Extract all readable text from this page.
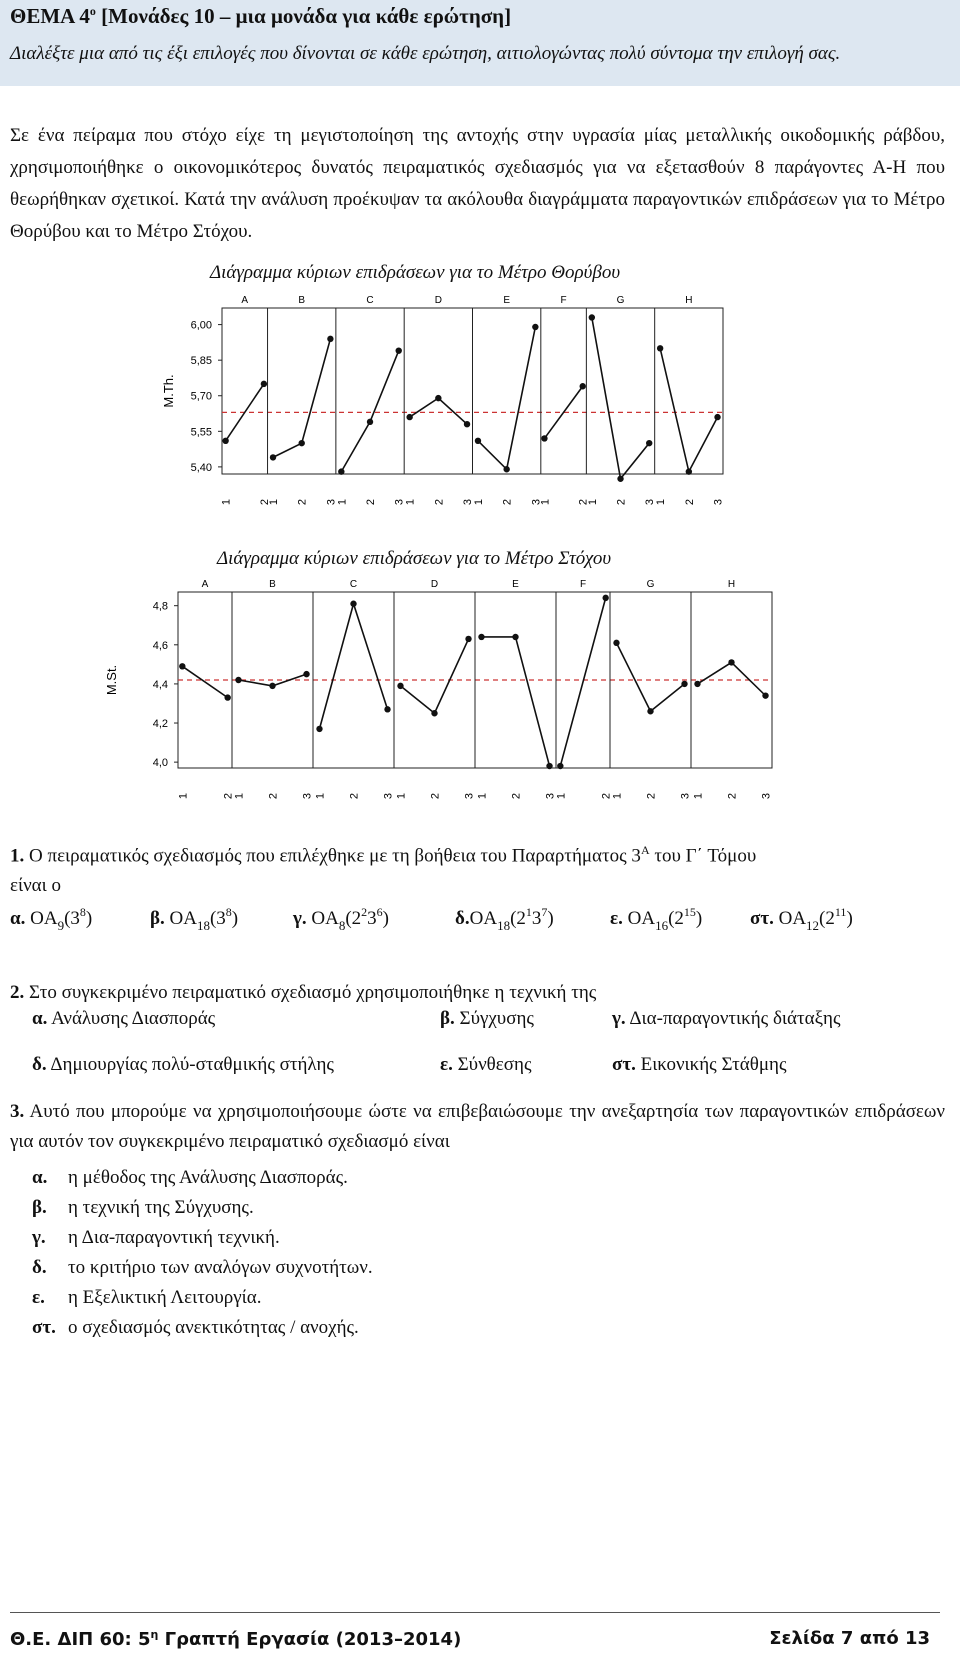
ΘΕΜΑ $4^o$ [Μονάδες 10 – μια μονάδα για κάθε ερώτηση]
Διαλέξτε μια από τις έξι επιλογές που δίνονται σε κάθε ερώτηση, αιτιολογώντας πολύ σύντομα την επιλογή σας.
Σε ένα πείραμα που στόχο είχε τη μεγιστοποίηση της αντοχής στην υγρασία μίας μεταλλικής οικοδομικής ράβδου, χρησιμοποιήθηκε ο οικονομικότερος δυνατός πειραματικός σχεδιασμός για να εξετασθούν 8 παράγοντες Α-Η που θεωρήθηκαν σχετικοί. Κατά την ανάλυση προέκυψαν τα ακόλουθα διαγράμματα παραγοντικών επιδράσεων για το Μέτρο Θορύβου και το Μέτρο Στόχου.
Διάγραμμα κύριων επιδράσεων για το Μέτρο Θορύβου
6,00
5,85
5,70
5,55
5,40
M.Th.
A
1 2
B
1 2 3
C
1 2 3
D
1 2 3
E
1 2 3
F
1 2
G
1 2 3
H
1 2 3
Διάγραμμα κύριων επιδράσεων για το Μέτρο Στόχου
4,8
4,6
4,4
4,2
4,0
M.St.
A
1	2
B
1 2 3
C
1 2 3
D
1 2 3
E
1 2 3
F
1	2
G
1 2 3
H
1 2 3
1. Ο πειραματικός σχεδιασμός που επιλέχθηκε με τη βοήθεια του Παραρτήματος $3^A$ του Γ΄ Τόμου
είναι ο
α. $OA_9(3^8)$	β. $OA_{18}(3^8)$	γ. $OA_8(2^23^6)$	$\delta.OA_{18}(2^13^7)$	ε. $OA_{16}(2^{15})$	στ. $OA_{12}(2^{11})$
2. Στο συγκεκριμένο πειραματικό σχεδιασμό χρησιμοποιήθηκε η τεχνική της
α. Ανάλυσης Διασποράς	β. Σύγχυσης	γ. Δια-παραγοντικής διάταξης
δ. Δημιουργίας πολύ-σταθμικής στήλης	ε. Σύνθεσης	στ. Εικονικής Στάθμης
3. Αυτό που μπορούμε να χρησιμοποιήσουμε ώστε να επιβεβαιώσουμε την ανεξαρτησία των παραγοντικών επιδράσεων για αυτόν τον συγκεκριμένο πειραματικό σχεδιασμό είναι
α. η μέθοδος της Ανάλυσης Διασποράς.
β. η τεχνική της Σύγχυσης.
γ. η Δια-παραγοντική τεχνική.
δ. το κριτήριο των αναλόγων συχνοτήτων.
ε. η Εξελικτική Λειτουργία.
στ. ο σχεδιασμός ανεκτικότητας / ανοχής.
Θ.Ε. ΔΙΠ 60: $5^\eta$ Γραπτή Εργασία (2013–2014)	Σελίδα 7 από 13
